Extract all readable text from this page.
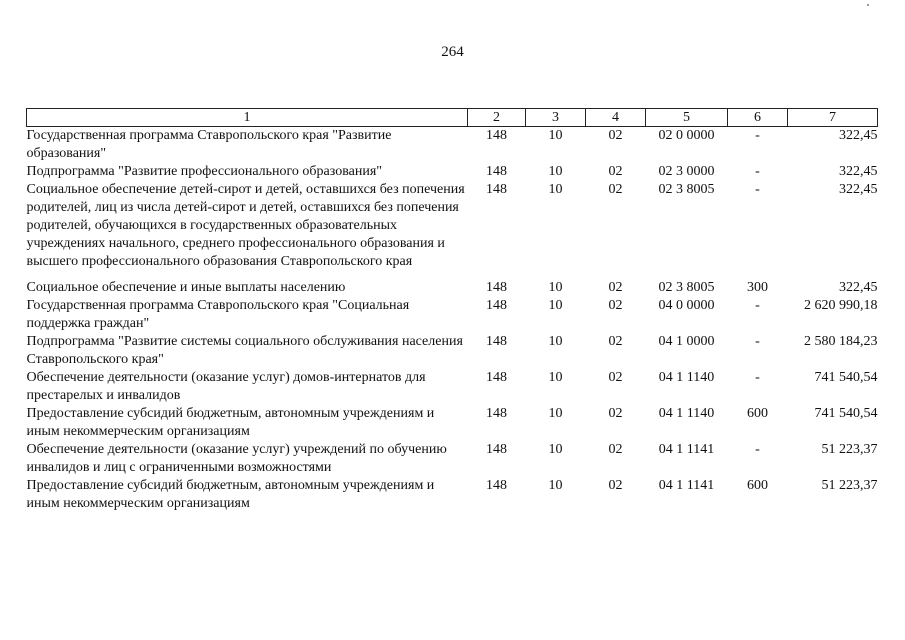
264
1	2	3	4	5	6	7
Государственная программа Ставропольского края "Развитие образования"	148	10	02	02 0 0000	-	322,45
Подпрограмма "Развитие профессионального образования"	148	10	02	02 3 0000	-	322,45
Социальное обеспечение детей-сирот и детей, оставшихся без попечения родителей, лиц из числа детей-сирот и детей, оставшихся без попечения родителей, обучающихся в государственных образовательных учреждениях начального, среднего профессионального образования и высшего профессионального образования Ставропольского края	148	10	02	02 3 8005	-	322,45
Социальное обеспечение и иные выплаты населению	148	10	02	02 3 8005	300	322,45
Государственная программа Ставропольского края "Социальная поддержка граждан"	148	10	02	04 0 0000	-	2 620 990,18
Подпрограмма "Развитие системы социального обслуживания населения Ставропольского края"	148	10	02	04 1 0000	-	2 580 184,23
Обеспечение деятельности (оказание услуг) домов-интернатов для престарелых и инвалидов	148	10	02	04 1 1140	-	741 540,54
Предоставление субсидий бюджетным, автономным учреждениям и иным некоммерческим организациям	148	10	02	04 1 1140	600	741 540,54
Обеспечение деятельности (оказание услуг) учреждений по обучению инвалидов и лиц с ограниченными возможностями	148	10	02	04 1 1141	-	51 223,37
Предоставление субсидий бюджетным, автономным учреждениям и иным некоммерческим организациям	148	10	02	04 1 1141	600	51 223,37
